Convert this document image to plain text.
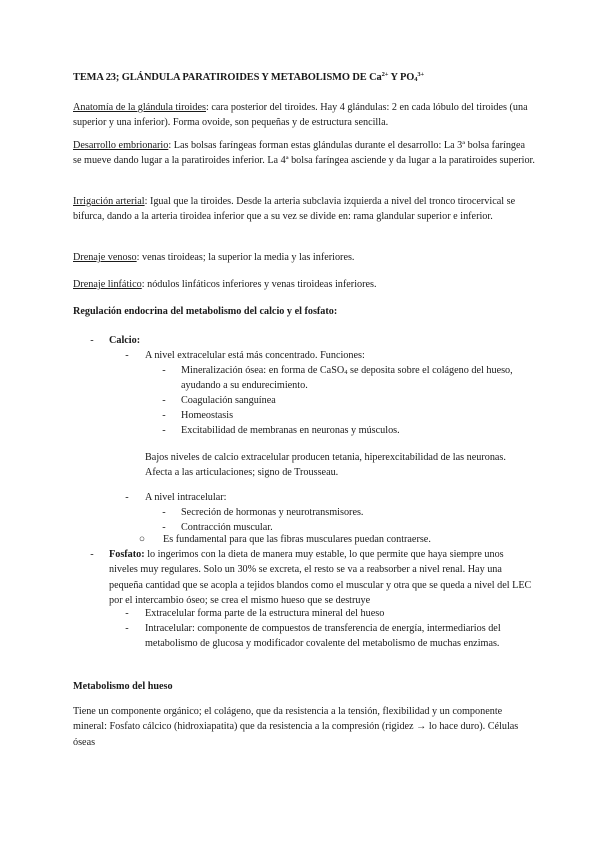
TEMA 23; GLÁNDULA PARATIROIDES Y METABOLISMO DE $Ca^{2+}$ Y $PO_4^{3+}$

Anatomía de la glándula tiroides: cara posterior del tiroides. Hay 4 glándulas: 2 en cada lóbulo del tiroides (una superior y una inferior). Forma ovoide, son pequeñas y de estructura sencilla.

Desarrollo embrionario: Las bolsas faríngeas forman estas glándulas durante el desarrollo: La 3ª bolsa faríngea se mueve dando lugar a la paratiroides inferior. La 4ª bolsa faríngea asciende y da lugar a la paratiroides superior.

Irrigación arterial: Igual que la tiroides. Desde la arteria subclavia izquierda a nivel del tronco tirocervical se bifurca, dando a la arteria tiroidea inferior que a su vez se divide en: rama glandular superior e inferior.

Drenaje venoso: venas tiroideas; la superior la media y las inferiores.

Drenaje linfático: nódulos linfáticos inferiores y venas tiroideas inferiores.

Regulación endocrina del metabolismo del calcio y el fosfato:
-	Calcio:
-	A nivel extracelular está más concentrado. Funciones:
-	Mineralización ósea: en forma de CaSO$_4$ se deposita sobre el colágeno del hueso, ayudando a su endurecimiento.
-	Coagulación sanguínea
-	Homeostasis
-	Excitabilidad de membranas en neuronas y músculos.

Bajos niveles de calcio extracelular producen tetania, hiperexcitabilidad de las neuronas. Afecta a las articulaciones; signo de Trousseau.

-	A nivel intracelular:
-	Secreción de hormonas y neurotransmisores.
-	Contracción muscular.
○ Es fundamental para que las fibras musculares puedan contraerse.
-	Fosfato: lo ingerimos con la dieta de manera muy estable, lo que permite que haya siempre unos niveles muy regulares. Solo un 30% se excreta, el resto se va a reabsorber a nivel renal. Hay una pequeña cantidad que se acopla a tejidos blandos como el muscular y otra que se queda a nivel del LEC por el intercambio óseo; se crea el mismo hueso que se destruye

-	Extracelular forma parte de la estructura mineral del hueso
-	Intracelular: componente de compuestos de transferencia de energía, intermediarios del metabolismo de glucosa y modificador covalente del metabolismo de muchas enzimas.

Metabolismo del hueso

Tiene un componente orgánico; el colágeno, que da resistencia a la tensión, flexibilidad y un componente mineral: Fosfato cálcico (hidroxiapatita) que da resistencia a la compresión (rigidez → lo hace duro). Células óseas
